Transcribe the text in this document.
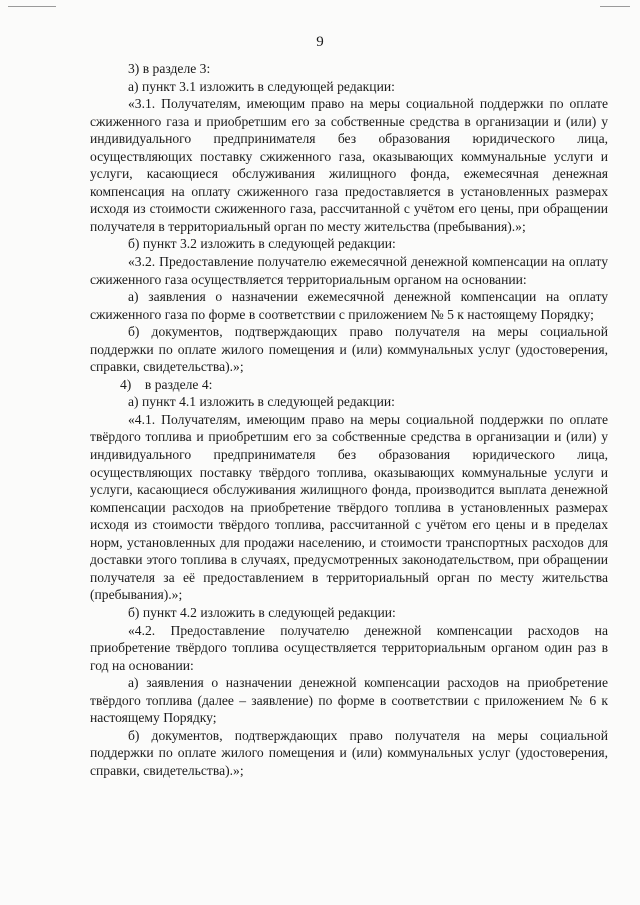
9

3) в разделе 3:

а) пункт 3.1 изложить в следующей редакции:

«3.1. Получателям, имеющим право на меры социальной поддержки по оплате сжиженного газа и приобретшим его за собственные средства в организации и (или) у индивидуального предпринимателя без образования юридического лица, осуществляющих поставку сжиженного газа, оказывающих коммунальные услуги и услуги, касающиеся обслуживания жилищного фонда, ежемесячная денежная компенсация на оплату сжиженного газа предоставляется в установленных размерах исходя из стоимости сжиженного газа, рассчитанной с учётом его цены, при обращении получателя в территориальный орган по месту жительства (пребывания).»;

б) пункт 3.2 изложить в следующей редакции:

«3.2. Предоставление получателю ежемесячной денежной компенсации на оплату сжиженного газа осуществляется территориальным органом на основании:

а) заявления о назначении ежемесячной денежной компенсации на оплату сжиженного газа по форме в соответствии с приложением № 5 к настоящему Порядку;

б) документов, подтверждающих право получателя на меры социальной поддержки по оплате жилого помещения и (или) коммунальных услуг (удостоверения, справки, свидетельства).»;

4)    в разделе 4:

а) пункт 4.1 изложить в следующей редакции:

«4.1. Получателям, имеющим право на меры социальной поддержки по оплате твёрдого топлива и приобретшим его за собственные средства в организации и (или) у индивидуального предпринимателя без образования юридического лица, осуществляющих поставку твёрдого топлива, оказывающих коммунальные услуги и услуги, касающиеся обслуживания жилищного фонда, производится выплата денежной компенсации расходов на приобретение твёрдого топлива в установленных размерах исходя из стоимости твёрдого топлива, рассчитанной с учётом его цены и в пределах норм, установленных для продажи населению, и стоимости транспортных расходов для доставки этого топлива в случаях, предусмотренных законодательством, при обращении получателя за её предоставлением в территориальный орган по месту жительства (пребывания).»;

б) пункт 4.2 изложить в следующей редакции:

«4.2. Предоставление получателю денежной компенсации расходов на приобретение твёрдого топлива осуществляется территориальным органом один раз в год на основании:

а) заявления о назначении денежной компенсации расходов на приобретение твёрдого топлива (далее – заявление) по форме в соответствии с приложением № 6 к настоящему Порядку;

б) документов, подтверждающих право получателя на меры социальной поддержки по оплате жилого помещения и (или) коммунальных услуг (удостоверения, справки, свидетельства).»;
